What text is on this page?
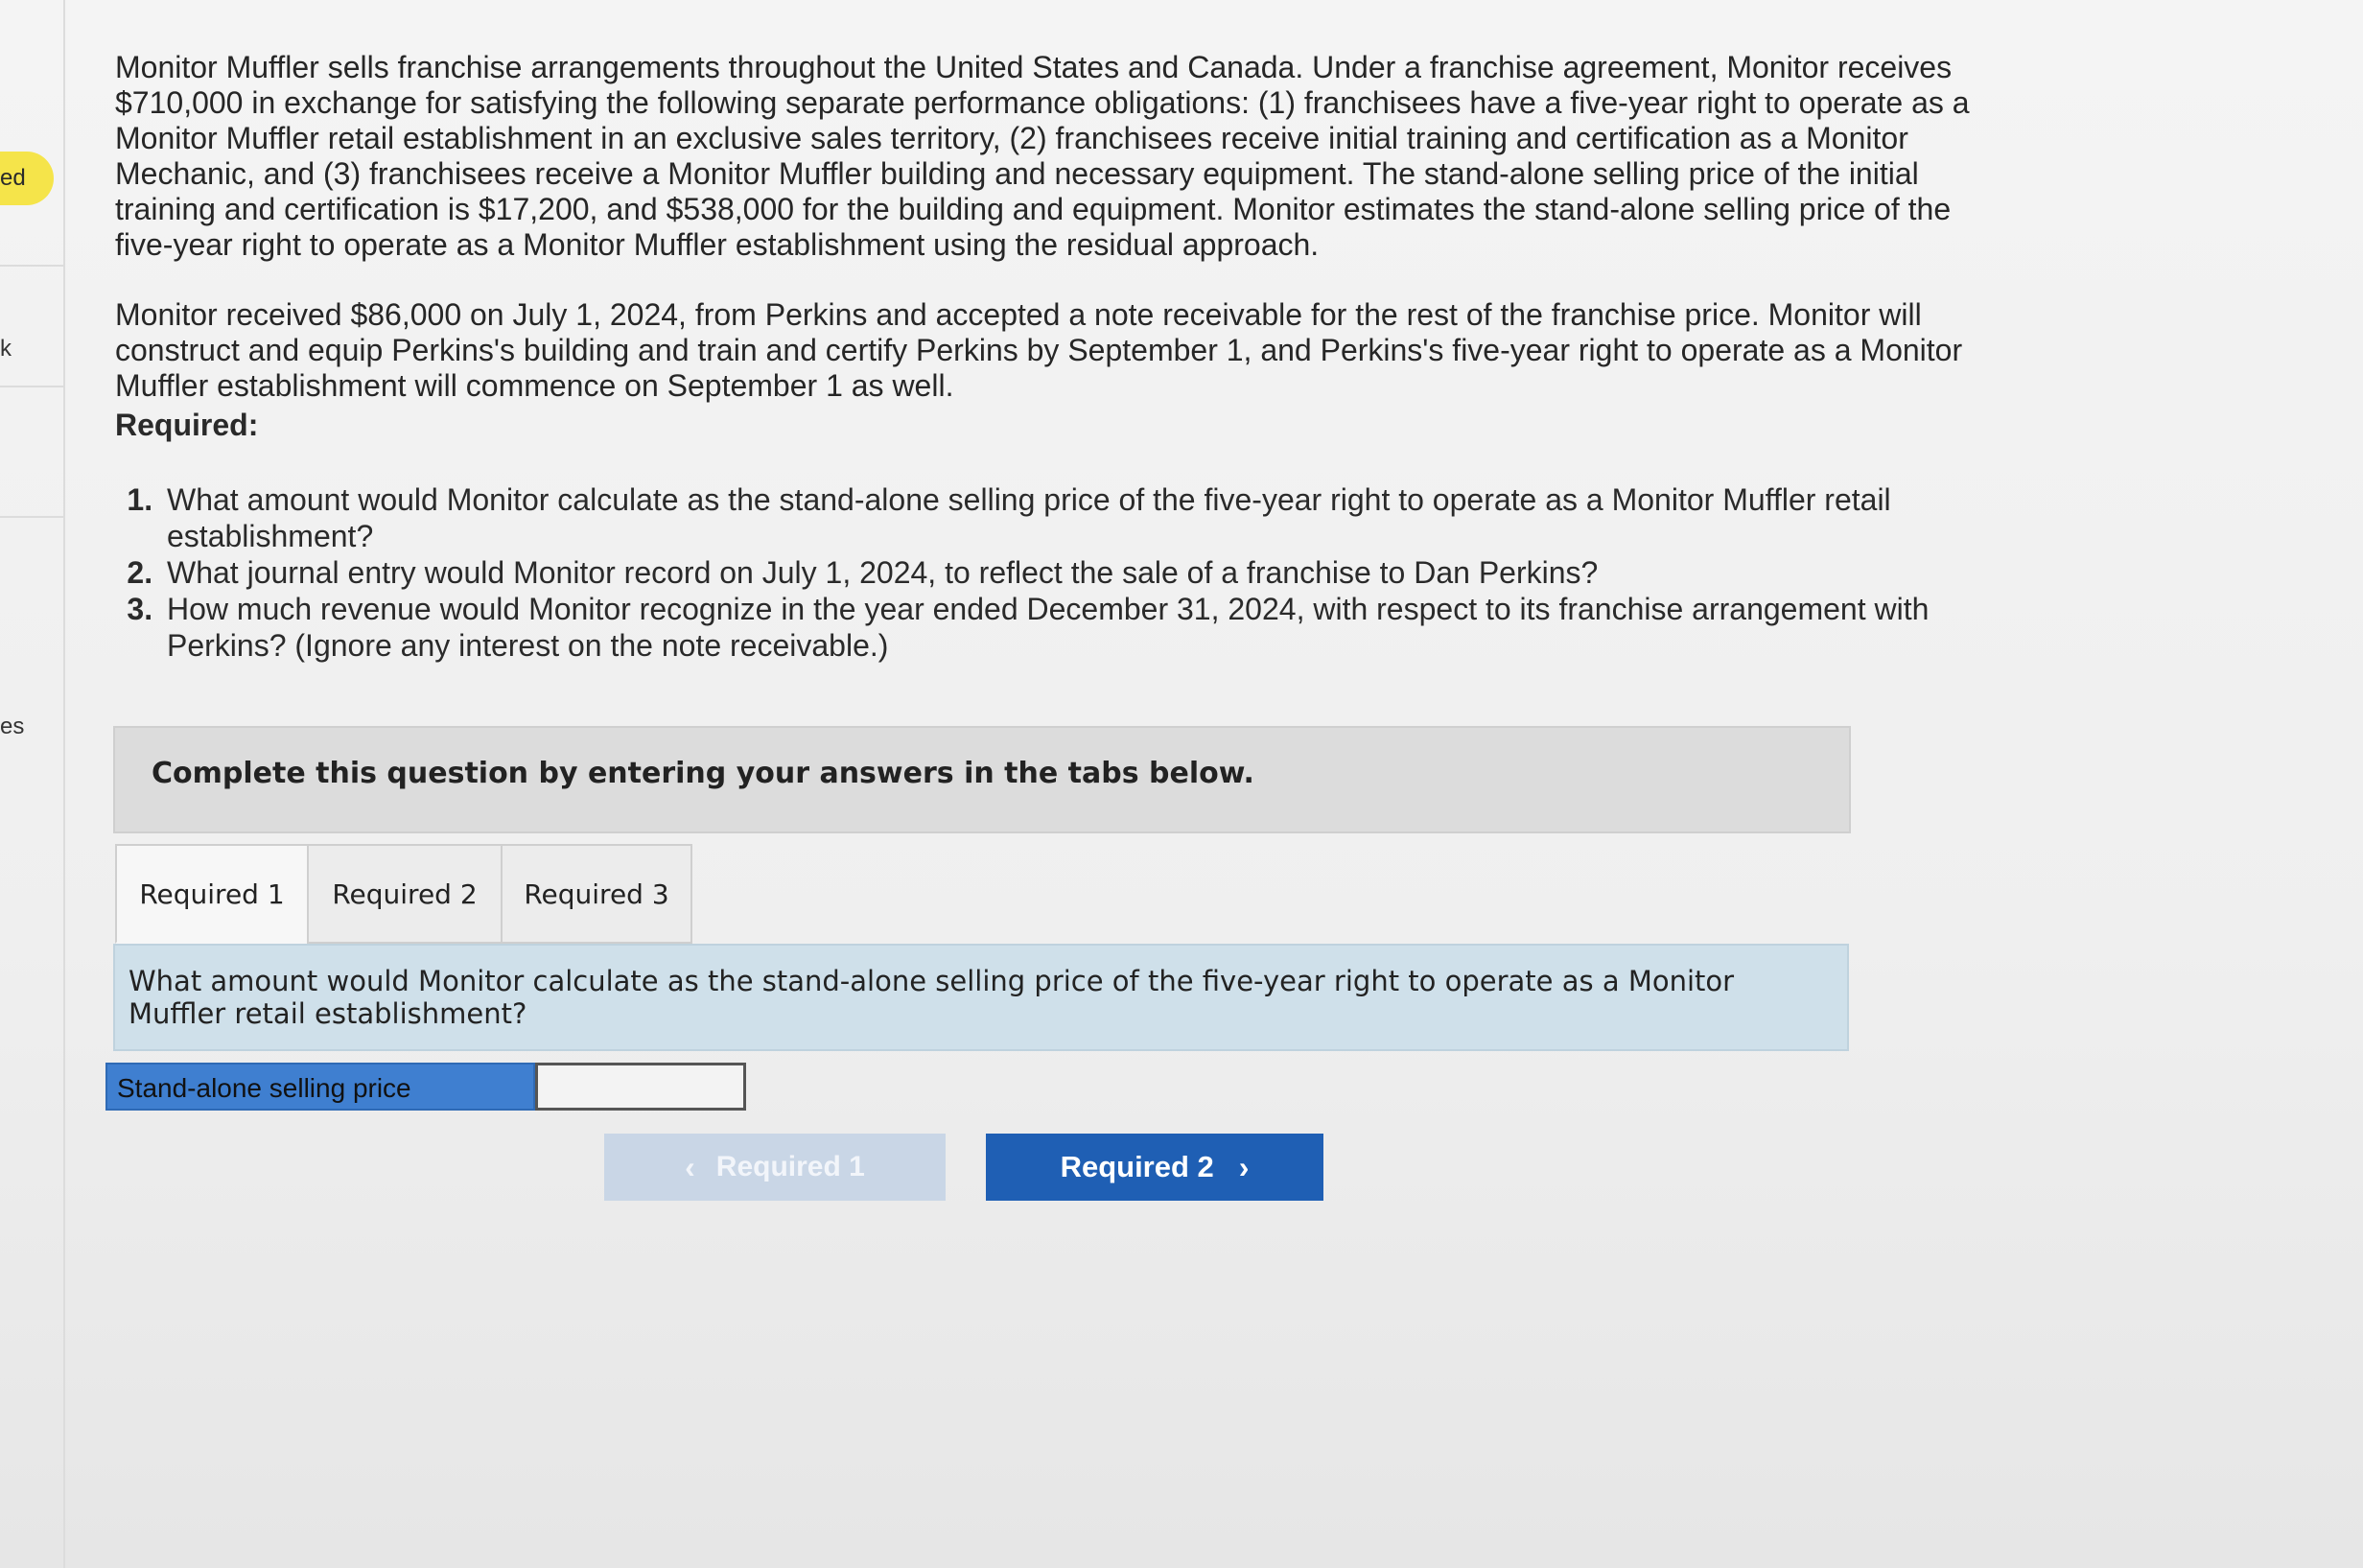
ed
k
es

Monitor Muffler sells franchise arrangements throughout the United States and Canada. Under a franchise agreement, Monitor receives $710,000 in exchange for satisfying the following separate performance obligations: (1) franchisees have a five-year right to operate as a Monitor Muffler retail establishment in an exclusive sales territory, (2) franchisees receive initial training and certification as a Monitor Mechanic, and (3) franchisees receive a Monitor Muffler building and necessary equipment. The stand-alone selling price of the initial training and certification is $17,200, and $538,000 for the building and equipment. Monitor estimates the stand-alone selling price of the five-year right to operate as a Monitor Muffler establishment using the residual approach.

Monitor received $86,000 on July 1, 2024, from Perkins and accepted a note receivable for the rest of the franchise price. Monitor will construct and equip Perkins's building and train and certify Perkins by September 1, and Perkins's five-year right to operate as a Monitor Muffler establishment will commence on September 1 as well.

Required:

1. What amount would Monitor calculate as the stand-alone selling price of the five-year right to operate as a Monitor Muffler retail establishment?
2. What journal entry would Monitor record on July 1, 2024, to reflect the sale of a franchise to Dan Perkins?
3. How much revenue would Monitor recognize in the year ended December 31, 2024, with respect to its franchise arrangement with Perkins? (Ignore any interest on the note receivable.)
Complete this question by entering your answers in the tabs below.
Required 1	Required 2	Required 3
What amount would Monitor calculate as the stand-alone selling price of the five-year right to operate as a Monitor Muffler retail establishment?
Stand-alone selling price
‹ Required 1	Required 2 ›
